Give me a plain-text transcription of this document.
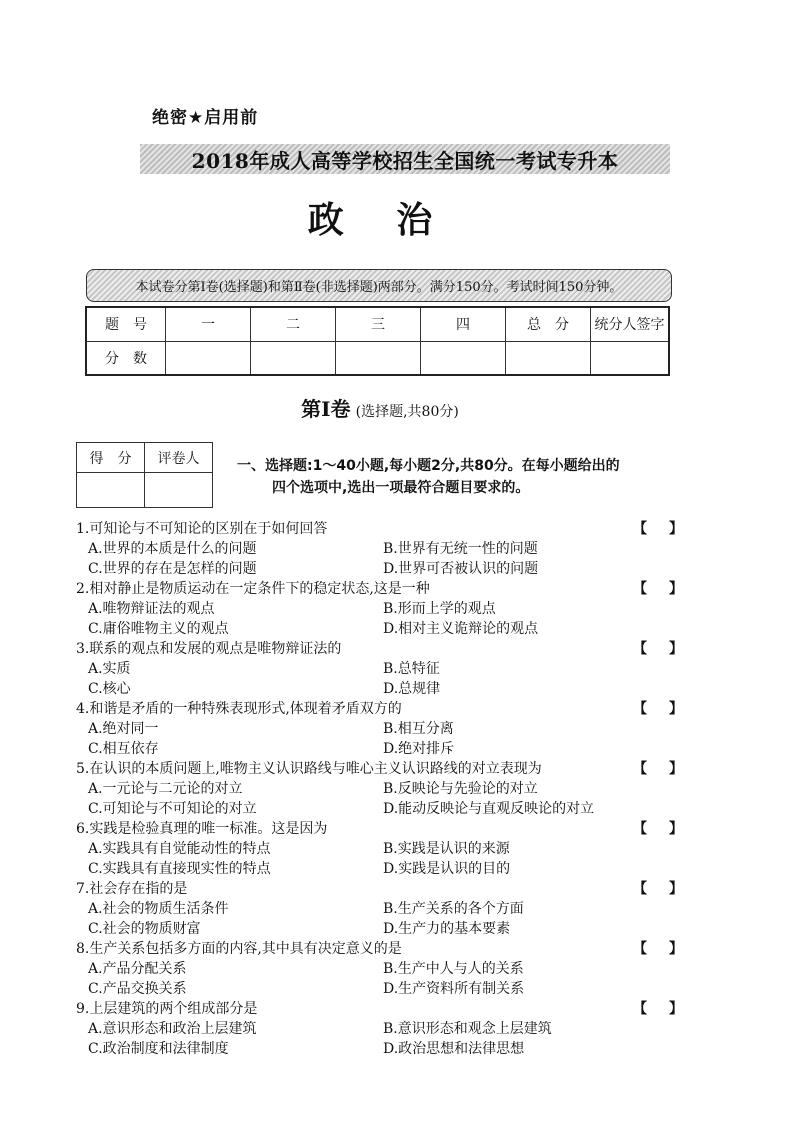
绝密★启用前
2018年成人高等学校招生全国统一考试专升本
政 治
本试卷分第Ⅰ卷(选择题)和第Ⅱ卷(非选择题)两部分。满分150分。考试时间150分钟。
题　号	一	二	三	四	总　分	统分人签字
分　数						
第Ⅰ卷 (选择题,共80分)
得　分	评卷人
		一、选择题:1～40小题,每小题2分,共80分。在每小题给出的
四个选项中,选出一项最符合题目要求的。
1.可知论与不可知论的区别在于如何回答	【 】
A.世界的本质是什么的问题	B.世界有无统一性的问题
C.世界的存在是怎样的问题	D.世界可否被认识的问题
2.相对静止是物质运动在一定条件下的稳定状态,这是一种	【 】
A.唯物辩证法的观点	B.形而上学的观点
C.庸俗唯物主义的观点	D.相对主义诡辩论的观点
3.联系的观点和发展的观点是唯物辩证法的	【 】
A.实质	B.总特征
C.核心	D.总规律
4.和谐是矛盾的一种特殊表现形式,体现着矛盾双方的	【 】
A.绝对同一	B.相互分离
C.相互依存	D.绝对排斥
5.在认识的本质问题上,唯物主义认识路线与唯心主义认识路线的对立表现为	【 】
A.一元论与二元论的对立	B.反映论与先验论的对立
C.可知论与不可知论的对立	D.能动反映论与直观反映论的对立
6.实践是检验真理的唯一标准。这是因为	【 】
A.实践具有自觉能动性的特点	B.实践是认识的来源
C.实践具有直接现实性的特点	D.实践是认识的目的
7.社会存在指的是	【 】
A.社会的物质生活条件	B.生产关系的各个方面
C.社会的物质财富	D.生产力的基本要素
8.生产关系包括多方面的内容,其中具有决定意义的是	【 】
A.产品分配关系	B.生产中人与人的关系
C.产品交换关系	D.生产资料所有制关系
9.上层建筑的两个组成部分是	【 】
A.意识形态和政治上层建筑	B.意识形态和观念上层建筑
C.政治制度和法律制度	D.政治思想和法律思想
